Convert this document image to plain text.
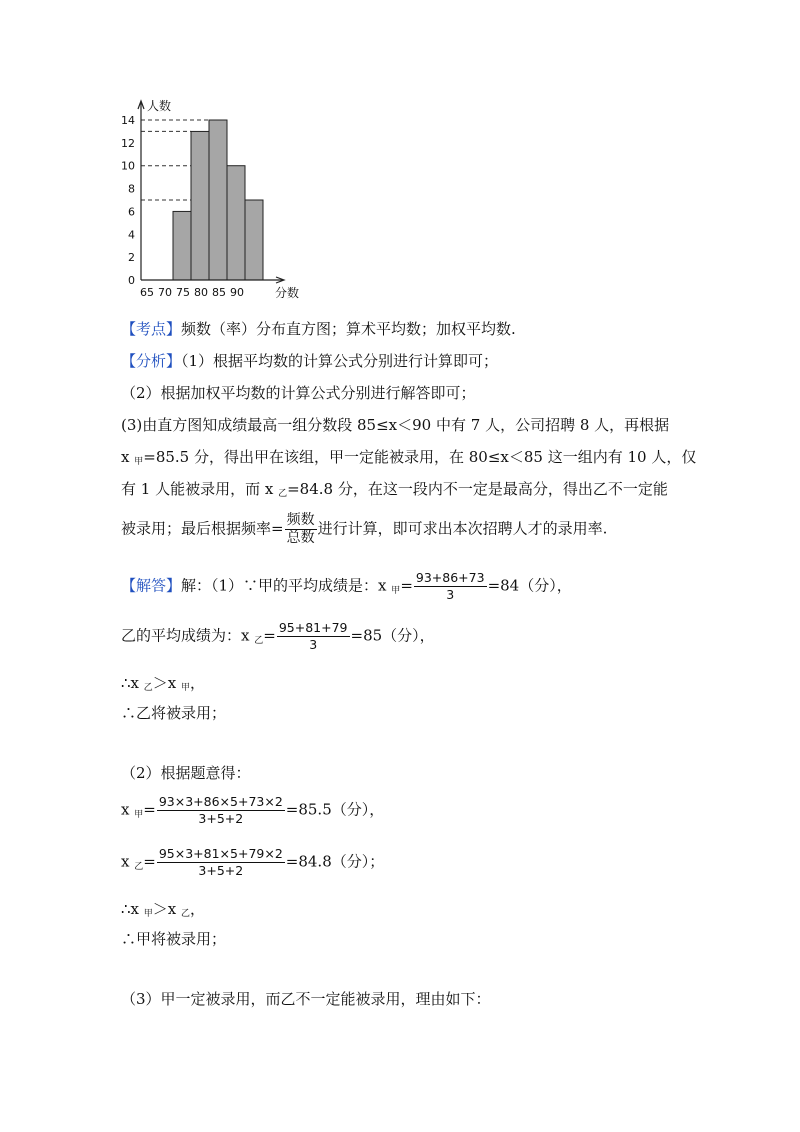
0
2
4
6
8
10
12
14
65 70 75 80 85 90
人数
分数
【考点】频数（率）分布直方图；算术平均数；加权平均数.
【分析】（1）根据平均数的计算公式分别进行计算即可；
（2）根据加权平均数的计算公式分别进行解答即可；
(3)由直方图知成绩最高一组分数段 85≤x＜90 中有 7 人，公司招聘 8 人，再根据
x 甲=85.5 分，得出甲在该组，甲一定能被录用，在 80≤x＜85 这一组内有 10 人，仅
有 1 人能被录用，而 x 乙=84.8 分，在这一段内不一定是最高分，得出乙不一定能
被录用；最后根据频率= $\frac{\text{频数}}{\text{总数}}$ 进行计算，即可求出本次招聘人才的录用率.
【解答】解：（1）∵甲的平均成绩是：x 甲= $\frac{93+86+73}{3} =84$（分），
乙的平均成绩为：x 乙= $\frac{95+81+79}{3} =85$（分），
∴x 乙＞x 甲，
∴乙将被录用；
（2）根据题意得：
x 甲= $\frac{93\times 3+86\times 5+73\times 2}{3+5+2} =85.5$（分），
x 乙= $\frac{95\times 3+81\times 5+79\times 2}{3+5+2} =84.8$（分）；
∴x 甲＞x 乙，
∴甲将被录用；
（3）甲一定被录用，而乙不一定能被录用，理由如下：
